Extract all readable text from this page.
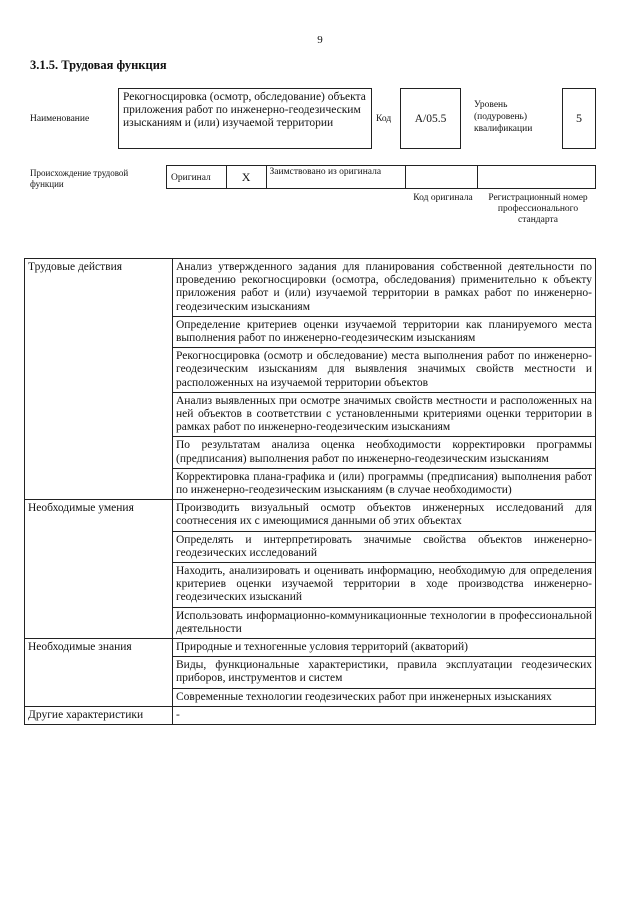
9
3.1.5. Трудовая функция
Наименование
Рекогносцировка (осмотр, обследование) объекта приложения работ по инженерно-геодезическим изысканиям и (или) изучаемой территории	Код	А/05.5
Уровень (подуровень) квалификации
5
Происхождение трудовой функции
Оригинал	X	Заимствовано из оригинала
Код оригинала	Регистрационный номер профессионального стандарта
Трудовые действия	Анализ утвержденного задания для планирования собственной деятельности по проведению рекогносцировки (осмотра, обследования) применительно к объекту приложения работ и (или) изучаемой территории в рамках работ по инженерно-геодезическим изысканиям
	Определение критериев оценки изучаемой территории как планируемого места выполнения работ по инженерно-геодезическим изысканиям
	Рекогносцировка (осмотр и обследование) места выполнения работ по инженерно-геодезическим изысканиям для выявления значимых свойств местности и расположенных на изучаемой территории объектов
	Анализ выявленных при осмотре значимых свойств местности и расположенных на ней объектов в соответствии с установленными критериями оценки территории в рамках работ по инженерно-геодезическим изысканиям
	По результатам анализа оценка необходимости корректировки программы (предписания) выполнения работ по инженерно-геодезическим изысканиям
	Корректировка плана-графика и (или) программы (предписания) выполнения работ по инженерно-геодезическим изысканиям (в случае необходимости)
Необходимые умения	Производить визуальный осмотр объектов инженерных исследований для соотнесения их с имеющимися данными об этих объектах
	Определять и интерпретировать значимые свойства объектов инженерно-геодезических исследований
	Находить, анализировать и оценивать информацию, необходимую для определения критериев оценки изучаемой территории в ходе производства инженерно-геодезических изысканий
	Использовать информационно-коммуникационные технологии в профессиональной деятельности
Необходимые знания	Природные и техногенные условия территорий (акваторий)
	Виды, функциональные характеристики, правила эксплуатации геодезических приборов, инструментов и систем
	Современные технологии геодезических работ при инженерных изысканиях
Другие характеристики	-
